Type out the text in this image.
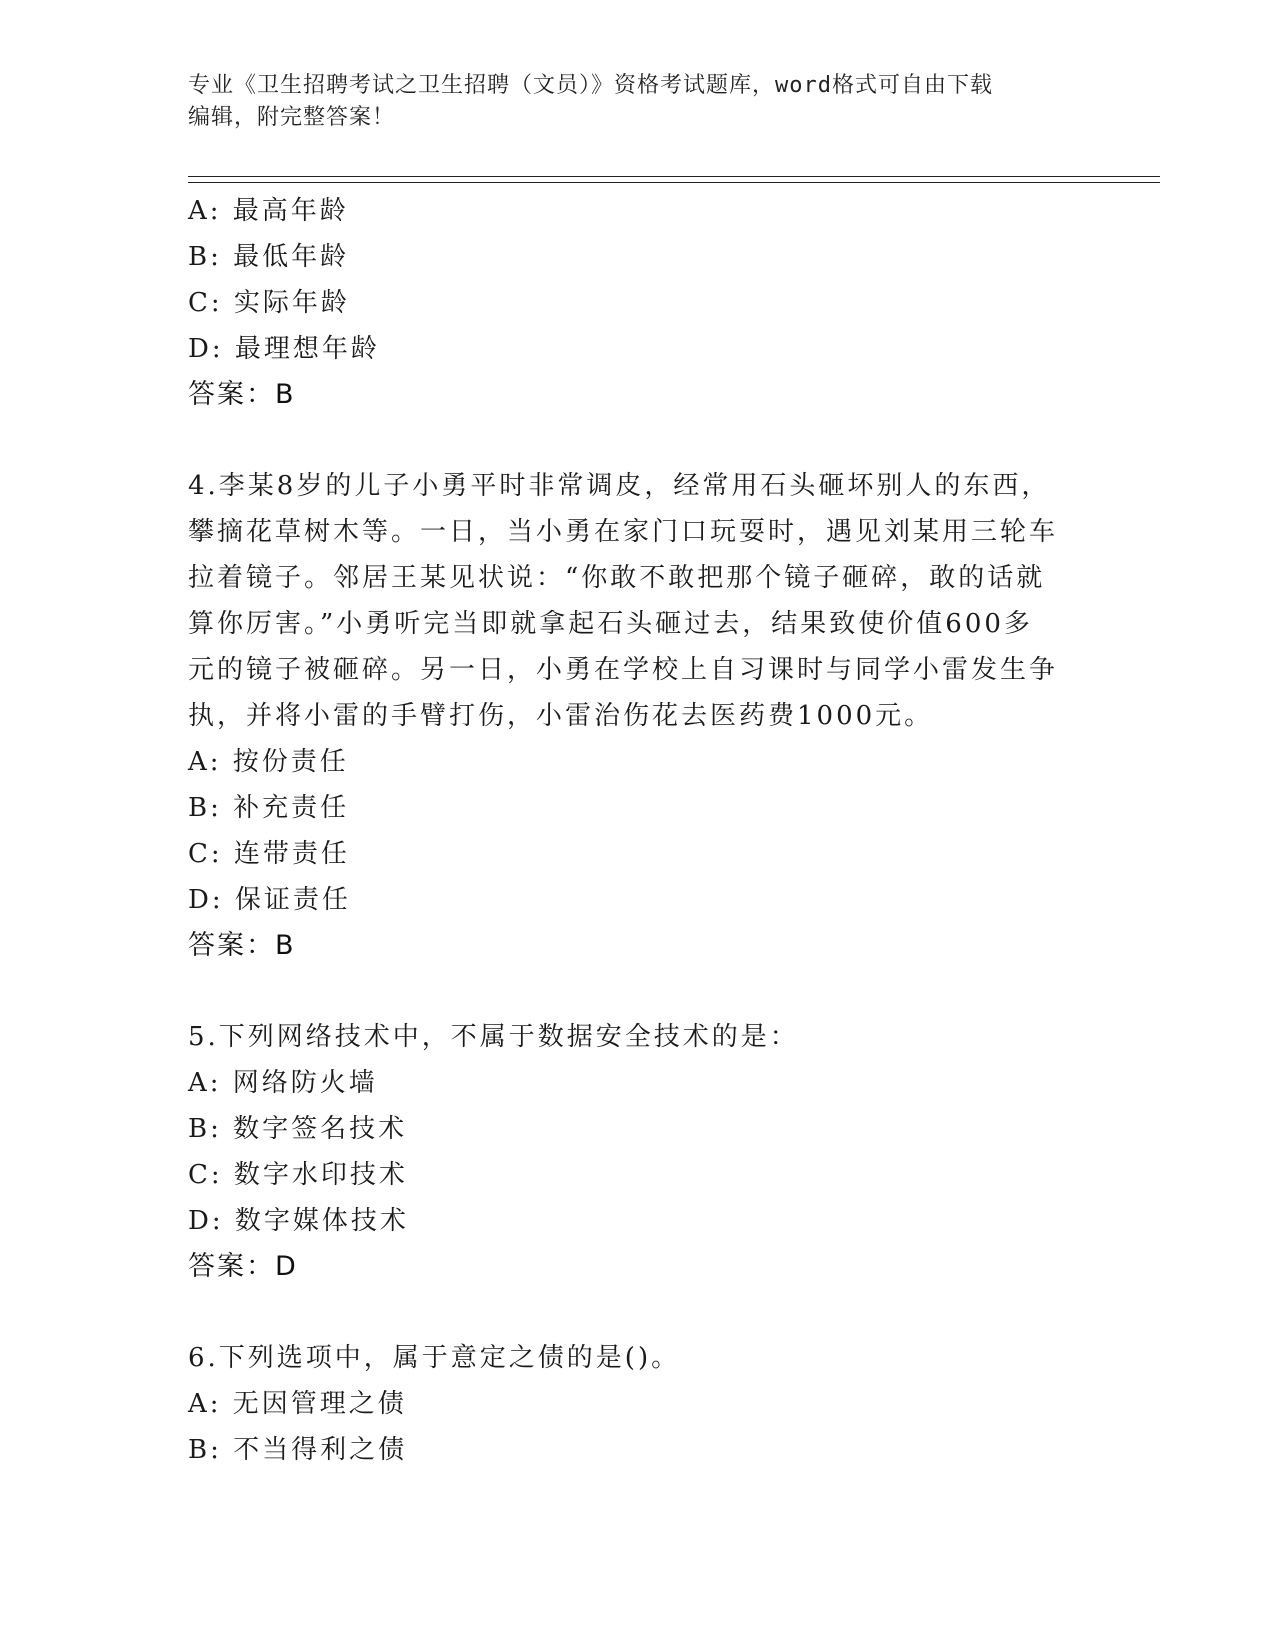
专业《卫生招聘考试之卫生招聘（文员）》资格考试题库，word格式可自由下载
编辑，附完整答案！
A: 最高年龄
B: 最低年龄
C: 实际年龄
D: 最理想年龄
答案：B
4.李某8岁的儿子小勇平时非常调皮，经常用石头砸坏别人的东西，
攀摘花草树木等。一日，当小勇在家门口玩耍时，遇见刘某用三轮车
拉着镜子。邻居王某见状说：“你敢不敢把那个镜子砸碎，敢的话就
算你厉害。”小勇听完当即就拿起石头砸过去，结果致使价值600多
元的镜子被砸碎。另一日，小勇在学校上自习课时与同学小雷发生争
执，并将小雷的手臂打伤，小雷治伤花去医药费1000元。
A: 按份责任
B: 补充责任
C: 连带责任
D: 保证责任
答案：B
5.下列网络技术中，不属于数据安全技术的是：
A: 网络防火墙
B: 数字签名技术
C: 数字水印技术
D: 数字媒体技术
答案：D
6.下列选项中，属于意定之债的是()。
A: 无因管理之债
B: 不当得利之债
